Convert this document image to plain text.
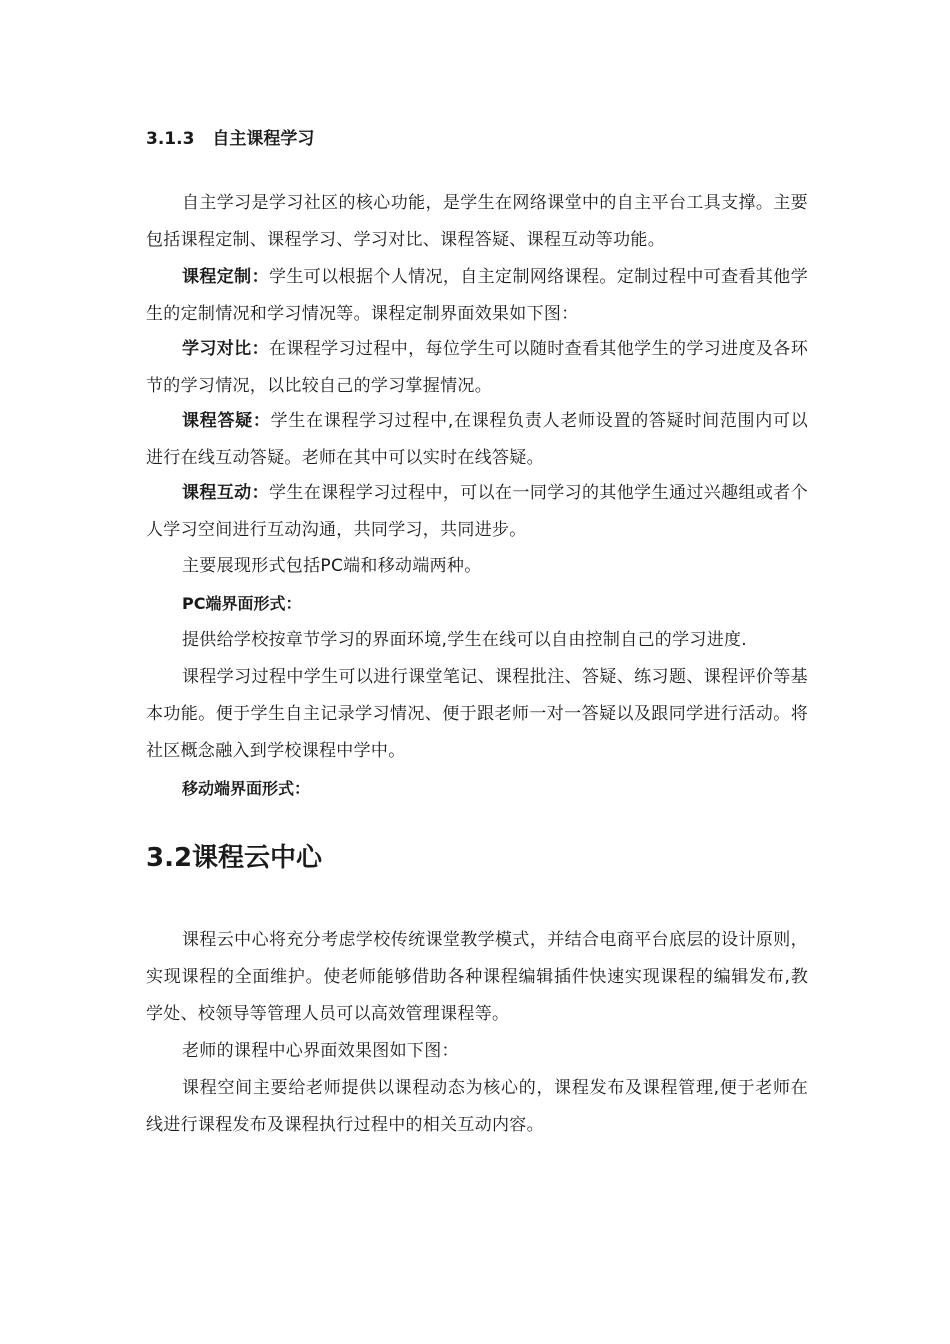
3.1.3 自主课程学习

自主学习是学习社区的核心功能，是学生在网络课堂中的自主平台工具支撑。主要包括课程定制、课程学习、学习对比、课程答疑、课程互动等功能。

课程定制：学生可以根据个人情况，自主定制网络课程。定制过程中可查看其他学生的定制情况和学习情况等。课程定制界面效果如下图：

学习对比：在课程学习过程中，每位学生可以随时查看其他学生的学习进度及各环节的学习情况，以比较自己的学习掌握情况。

课程答疑：学生在课程学习过程中,在课程负责人老师设置的答疑时间范围内可以进行在线互动答疑。老师在其中可以实时在线答疑。

课程互动：学生在课程学习过程中，可以在一同学习的其他学生通过兴趣组或者个人学习空间进行互动沟通，共同学习，共同进步。

主要展现形式包括PC端和移动端两种。

PC端界面形式：

提供给学校按章节学习的界面环境,学生在线可以自由控制自己的学习进度.

课程学习过程中学生可以进行课堂笔记、课程批注、答疑、练习题、课程评价等基本功能。便于学生自主记录学习情况、便于跟老师一对一答疑以及跟同学进行活动。将社区概念融入到学校课程中学中。

移动端界面形式：

3.2课程云中心

课程云中心将充分考虑学校传统课堂教学模式，并结合电商平台底层的设计原则，实现课程的全面维护。使老师能够借助各种课程编辑插件快速实现课程的编辑发布,教学处、校领导等管理人员可以高效管理课程等。

老师的课程中心界面效果图如下图：

课程空间主要给老师提供以课程动态为核心的，课程发布及课程管理,便于老师在线进行课程发布及课程执行过程中的相关互动内容。
